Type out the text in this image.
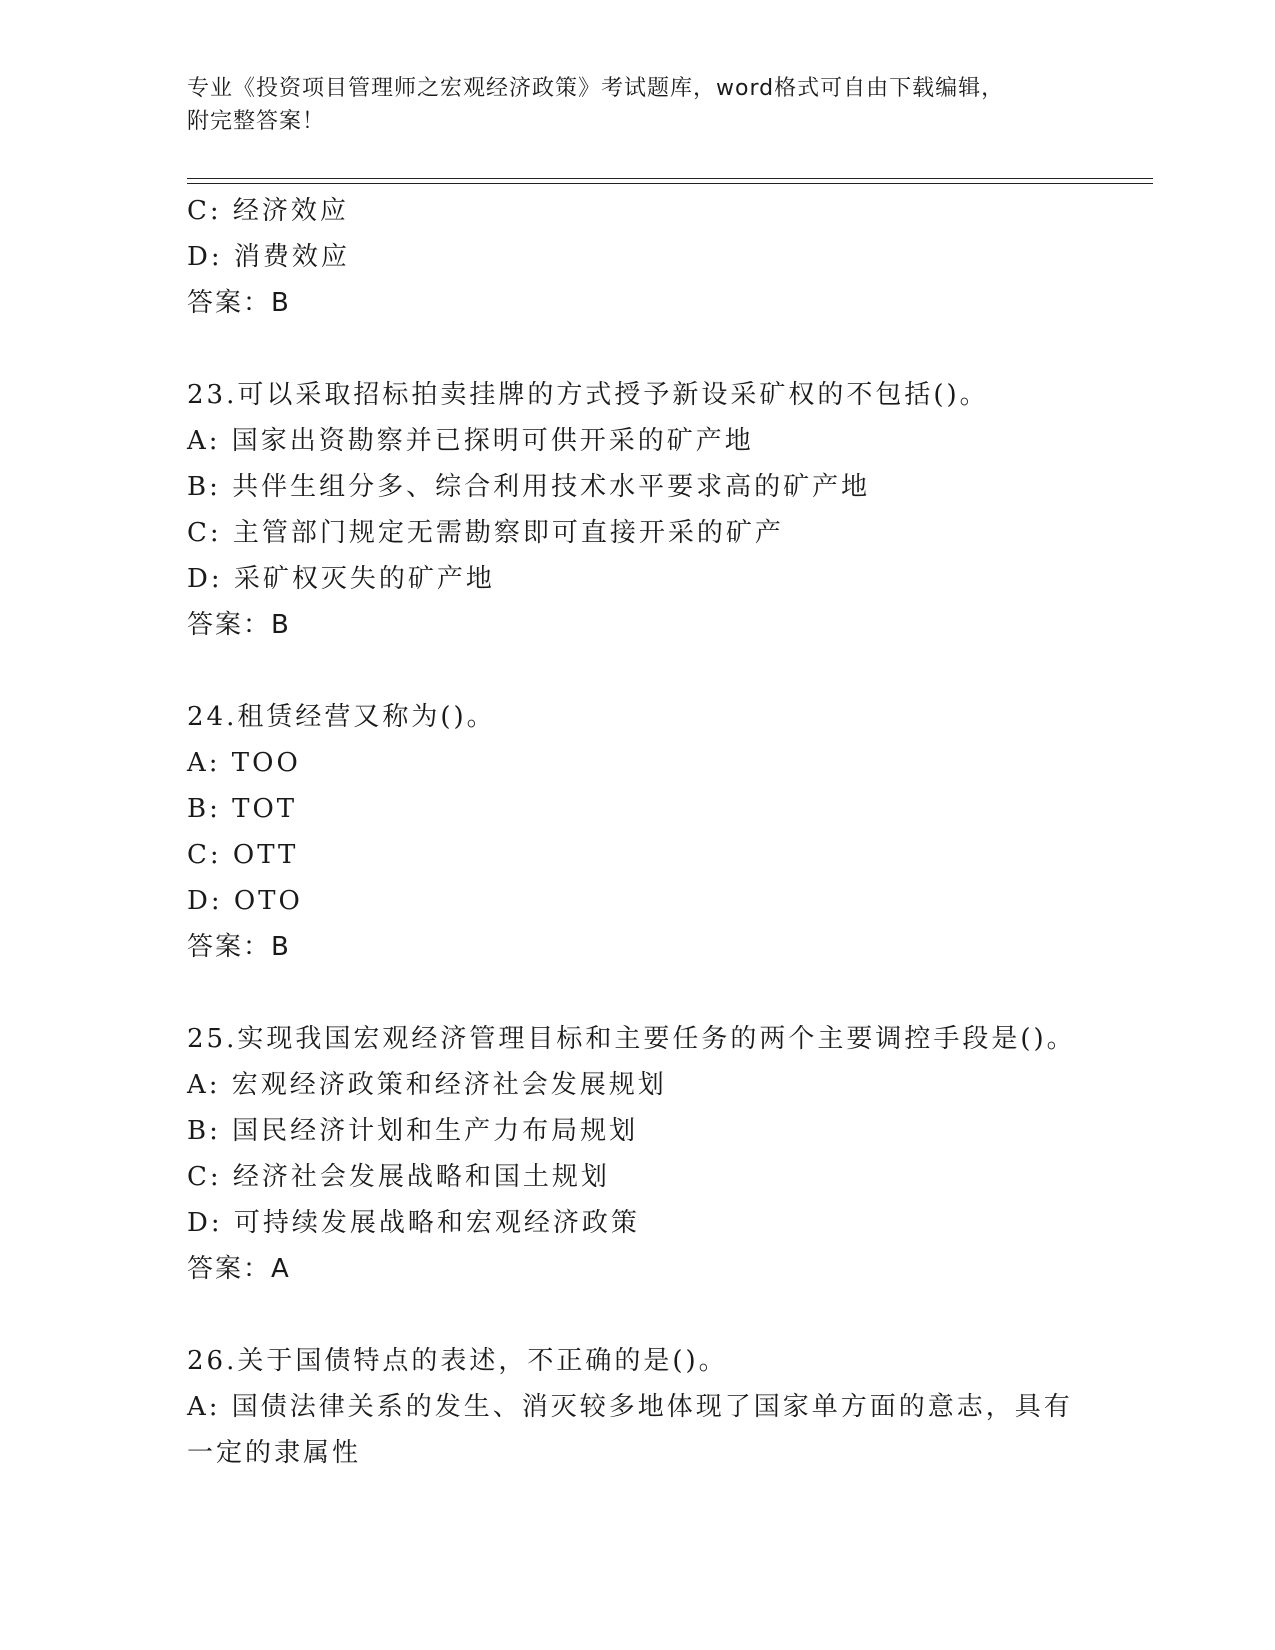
专业《投资项目管理师之宏观经济政策》考试题库，word格式可自由下载编辑，
附完整答案！
C: 经济效应
D: 消费效应
答案：B
23.可以采取招标拍卖挂牌的方式授予新设采矿权的不包括()。
A: 国家出资勘察并已探明可供开采的矿产地
B: 共伴生组分多、综合利用技术水平要求高的矿产地
C: 主管部门规定无需勘察即可直接开采的矿产
D: 采矿权灭失的矿产地
答案：B
24.租赁经营又称为()。
A: TOO
B: TOT
C: OTT
D: OTO
答案：B
25.实现我国宏观经济管理目标和主要任务的两个主要调控手段是()。
A: 宏观经济政策和经济社会发展规划
B: 国民经济计划和生产力布局规划
C: 经济社会发展战略和国土规划
D: 可持续发展战略和宏观经济政策
答案：A
26.关于国债特点的表述，不正确的是()。
A: 国债法律关系的发生、消灭较多地体现了国家单方面的意志，具有
一定的隶属性
